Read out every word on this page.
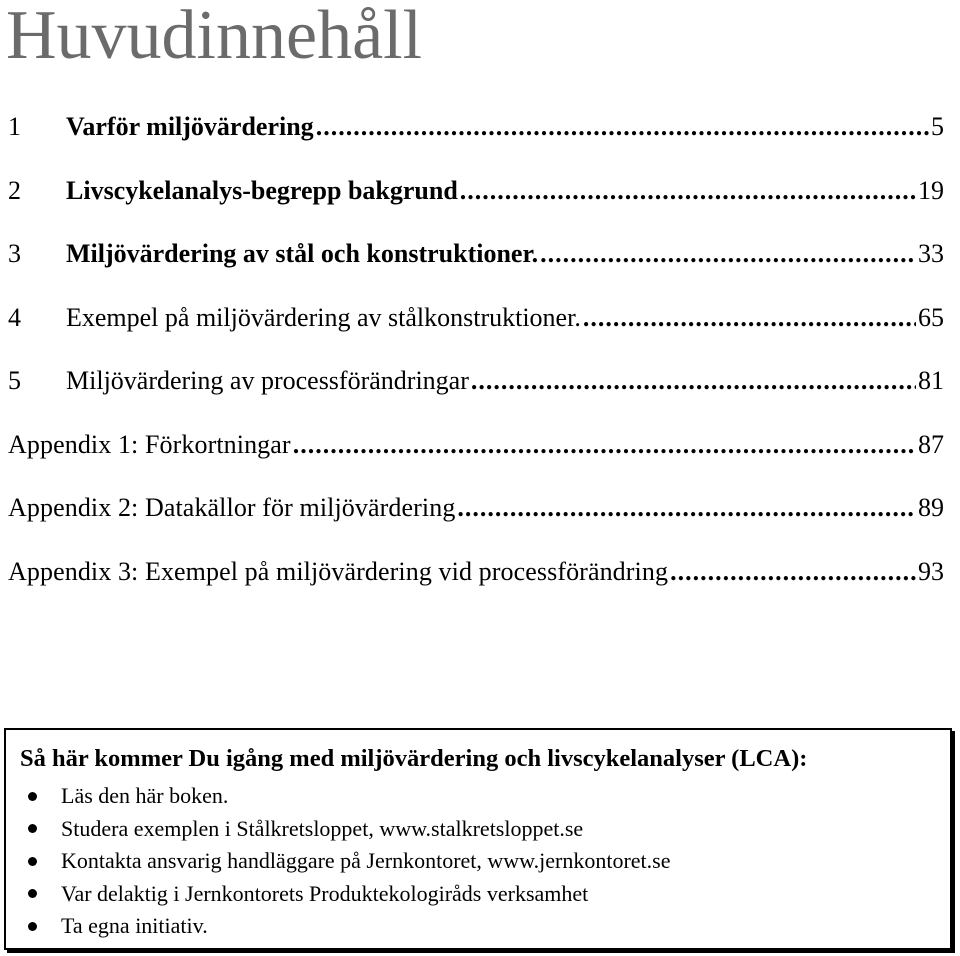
Huvudinnehåll
1	Varför miljövärdering .....	5
2	Livscykelanalys-begrepp bakgrund .....	19
3	Miljövärdering av stål och konstruktioner. .....	33
4	Exempel på miljövärdering av stålkonstruktioner. .....	65
5	Miljövärdering av processförändringar .....	81
Appendix 1: Förkortningar .....	87
Appendix 2: Datakällor för miljövärdering .....	89
Appendix 3: Exempel på miljövärdering vid processförändring .....	93
Så här kommer Du igång med miljövärdering och livscykelanalyser (LCA):
Läs den här boken.
Studera exemplen i Stålkretsloppet, www.stalkretsloppet.se
Kontakta ansvarig handläggare på Jernkontoret, www.jernkontoret.se
Var delaktig i Jernkontorets Produktekologiråds verksamhet
Ta egna initiativ.
